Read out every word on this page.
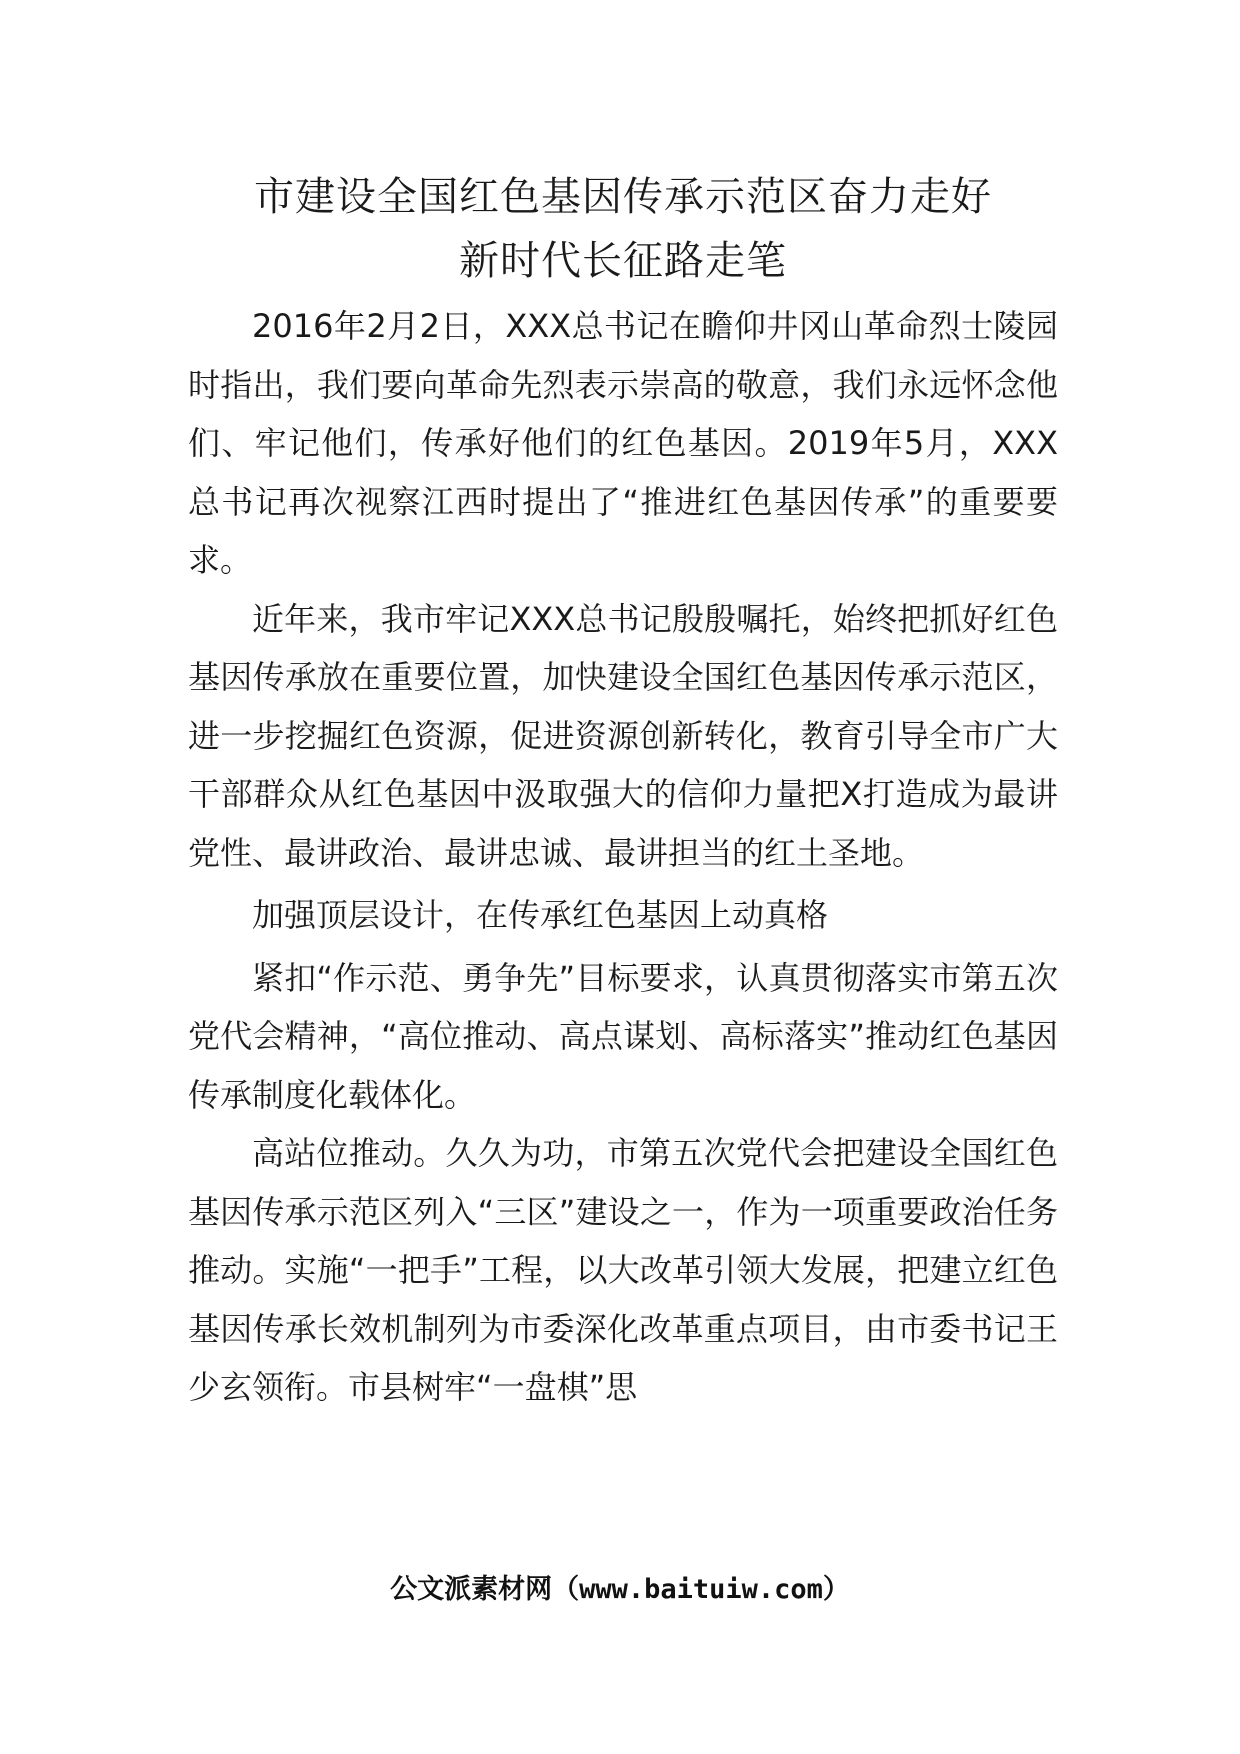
市建设全国红色基因传承示范区奋力走好
新时代长征路走笔

2016年2月2日，XXX总书记在瞻仰井冈山革命烈士陵园时指出，我们要向革命先烈表示崇高的敬意，我们永远怀念他们、牢记他们，传承好他们的红色基因。2019年5月，XXX总书记再次视察江西时提出了“推进红色基因传承”的重要要求。

近年来，我市牢记XXX总书记殷殷嘱托，始终把抓好红色基因传承放在重要位置，加快建设全国红色基因传承示范区，进一步挖掘红色资源，促进资源创新转化，教育引导全市广大干部群众从红色基因中汲取强大的信仰力量把X打造成为最讲党性、最讲政治、最讲忠诚、最讲担当的红土圣地。

加强顶层设计，在传承红色基因上动真格

紧扣“作示范、勇争先”目标要求，认真贯彻落实市第五次党代会精神，“高位推动、高点谋划、高标落实”推动红色基因传承制度化载体化。

高站位推动。久久为功，市第五次党代会把建设全国红色基因传承示范区列入“三区”建设之一，作为一项重要政治任务推动。实施“一把手”工程，以大改革引领大发展，把建立红色基因传承长效机制列为市委深化改革重点项目，由市委书记王少玄领衔。市县树牢“一盘棋”思

公文派素材网（www.baituiw.com）
